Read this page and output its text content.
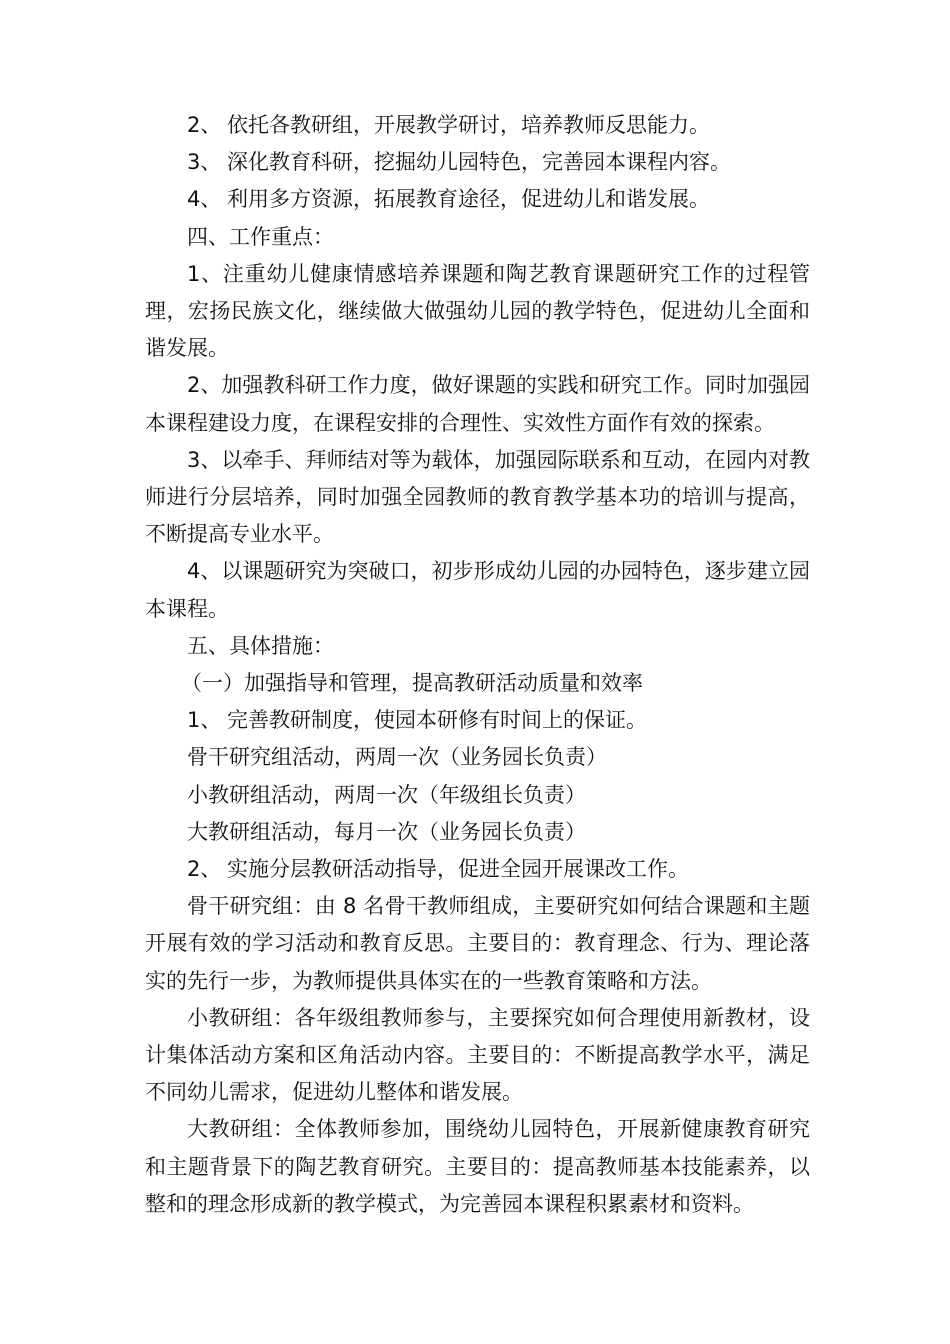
2、 依托各教研组，开展教学研讨，培养教师反思能力。

3、 深化教育科研，挖掘幼儿园特色，完善园本课程内容。

4、 利用多方资源，拓展教育途径，促进幼儿和谐发展。

四、工作重点：

1、注重幼儿健康情感培养课题和陶艺教育课题研究工作的过程管理，宏扬民族文化，继续做大做强幼儿园的教学特色，促进幼儿全面和谐发展。

2、加强教科研工作力度，做好课题的实践和研究工作。同时加强园本课程建设力度，在课程安排的合理性、实效性方面作有效的探索。

3、以牵手、拜师结对等为载体，加强园际联系和互动，在园内对教师进行分层培养，同时加强全园教师的教育教学基本功的培训与提高，不断提高专业水平。

4、以课题研究为突破口，初步形成幼儿园的办园特色，逐步建立园本课程。

五、具体措施：

（一）加强指导和管理，提高教研活动质量和效率

1、 完善教研制度，使园本研修有时间上的保证。

骨干研究组活动，两周一次（业务园长负责）

小教研组活动，两周一次（年级组长负责）

大教研组活动，每月一次（业务园长负责）

2、 实施分层教研活动指导，促进全园开展课改工作。

骨干研究组：由 8 名骨干教师组成，主要研究如何结合课题和主题开展有效的学习活动和教育反思。主要目的：教育理念、行为、理论落实的先行一步，为教师提供具体实在的一些教育策略和方法。

小教研组：各年级组教师参与，主要探究如何合理使用新教材，设计集体活动方案和区角活动内容。主要目的：不断提高教学水平，满足不同幼儿需求，促进幼儿整体和谐发展。

大教研组：全体教师参加，围绕幼儿园特色，开展新健康教育研究和主题背景下的陶艺教育研究。主要目的：提高教师基本技能素养，以整和的理念形成新的教学模式，为完善园本课程积累素材和资料。
